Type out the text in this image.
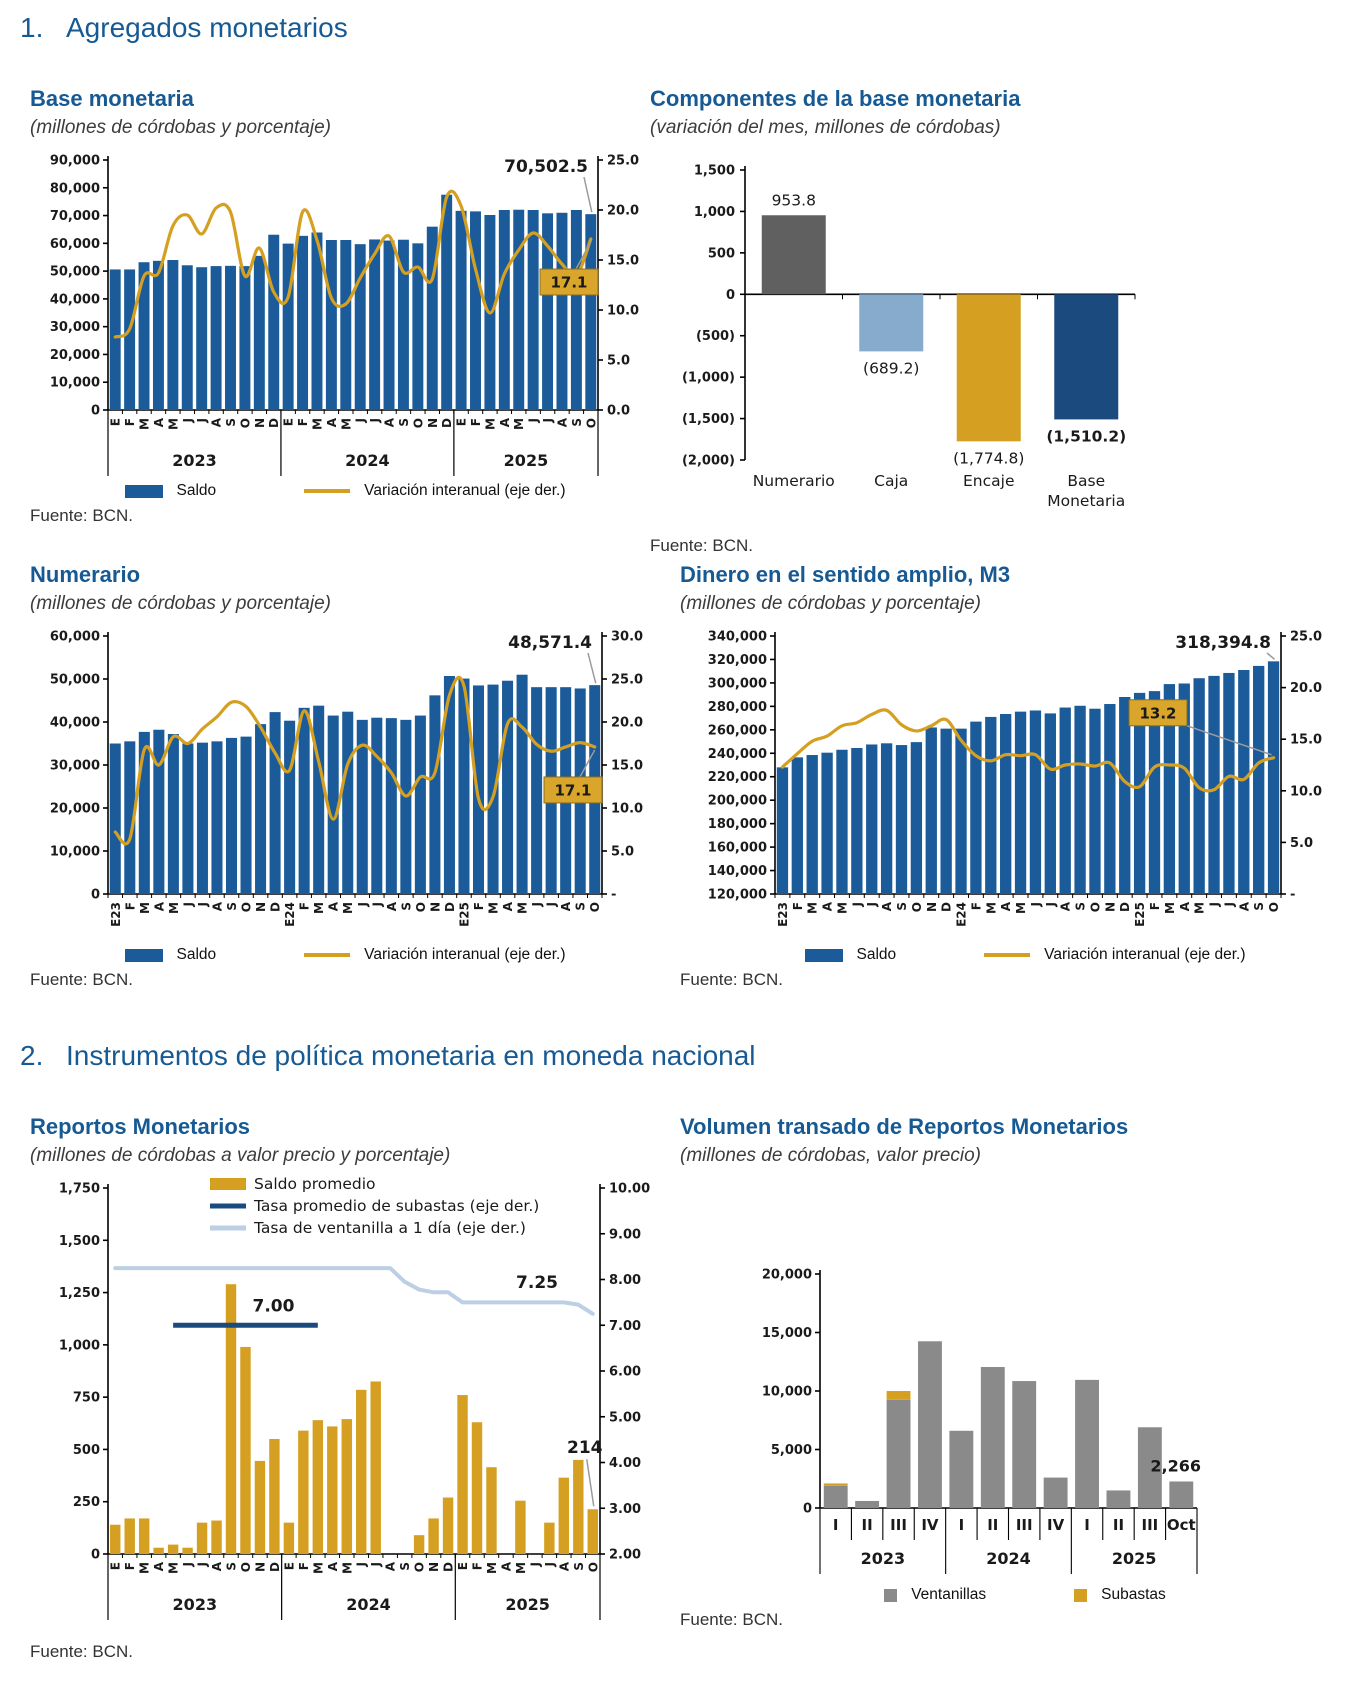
1. Agregados monetarios
Base monetaria
(millones de córdobas y porcentaje)
90,000
80,000
70,000
60,000
50,000
40,000
30,000
20,000
10,000
0
25.0
20.0
15.0
10.0
5.0
0.0
E F M A M J J A S O N D E F M A M J J A S O N D E F M A M J J A S O
2023	2024	2025
70,502.5
17.1
Saldo	Variación interanual (eje der.)
Fuente: BCN.
Componentes de la base monetaria
(variación del mes, millones de córdobas)
1,500
1,000
500
0
(500)
(1,000)
(1,500)
(2,000)
953.8
Numerario
(689.2)
Caja
(1,774.8)
Encaje
(1,510.2)
Base
Monetaria
Fuente: BCN.
Numerario
(millones de córdobas y porcentaje)
60,000
50,000
40,000
30,000
20,000
10,000
0
30.0
25.0
20.0
15.0
10.0
5.0
-
E23 F M A M J J A S O N D E24 F M A M J J A S O N D E25 F M A M J J A S O
48,571.4
17.1
Saldo	Variación interanual (eje der.)
Fuente: BCN.
Dinero en el sentido amplio, M3
(millones de córdobas y porcentaje)
340,000
320,000
300,000
280,000
260,000
240,000
220,000
200,000
180,000
160,000
140,000
120,000
25.0
20.0
15.0
10.0
5.0
-
E23 F M A M J J A S O N D E24 F M A M J J A S O N D E25 F M A M J J A S O
318,394.8
13.2
Saldo	Variación interanual (eje der.)
Fuente: BCN.
2. Instrumentos de política monetaria en moneda nacional
Reportos Monetarios
(millones de córdobas a valor precio y porcentaje)
1,750
1,500
1,250
1,000
750
500
250
0
10.00
9.00
8.00
7.00
6.00
5.00
4.00
3.00
2.00
E F M A M J J A S O N D E F M A M J J A S O N D E F M A M J J A S O
2023	2024	2025
7.00
7.25
214
Saldo promedio
Tasa promedio de subastas (eje der.)
Tasa de ventanilla a 1 día (eje der.)
Fuente: BCN.
Volumen transado de Reportos Monetarios
(millones de córdobas, valor precio)
20,000
15,000
10,000
5,000
0
I II III IV I II III IV I II III Oct
2023	2024	2025
2,266
Ventanillas	Subastas
Fuente: BCN.
